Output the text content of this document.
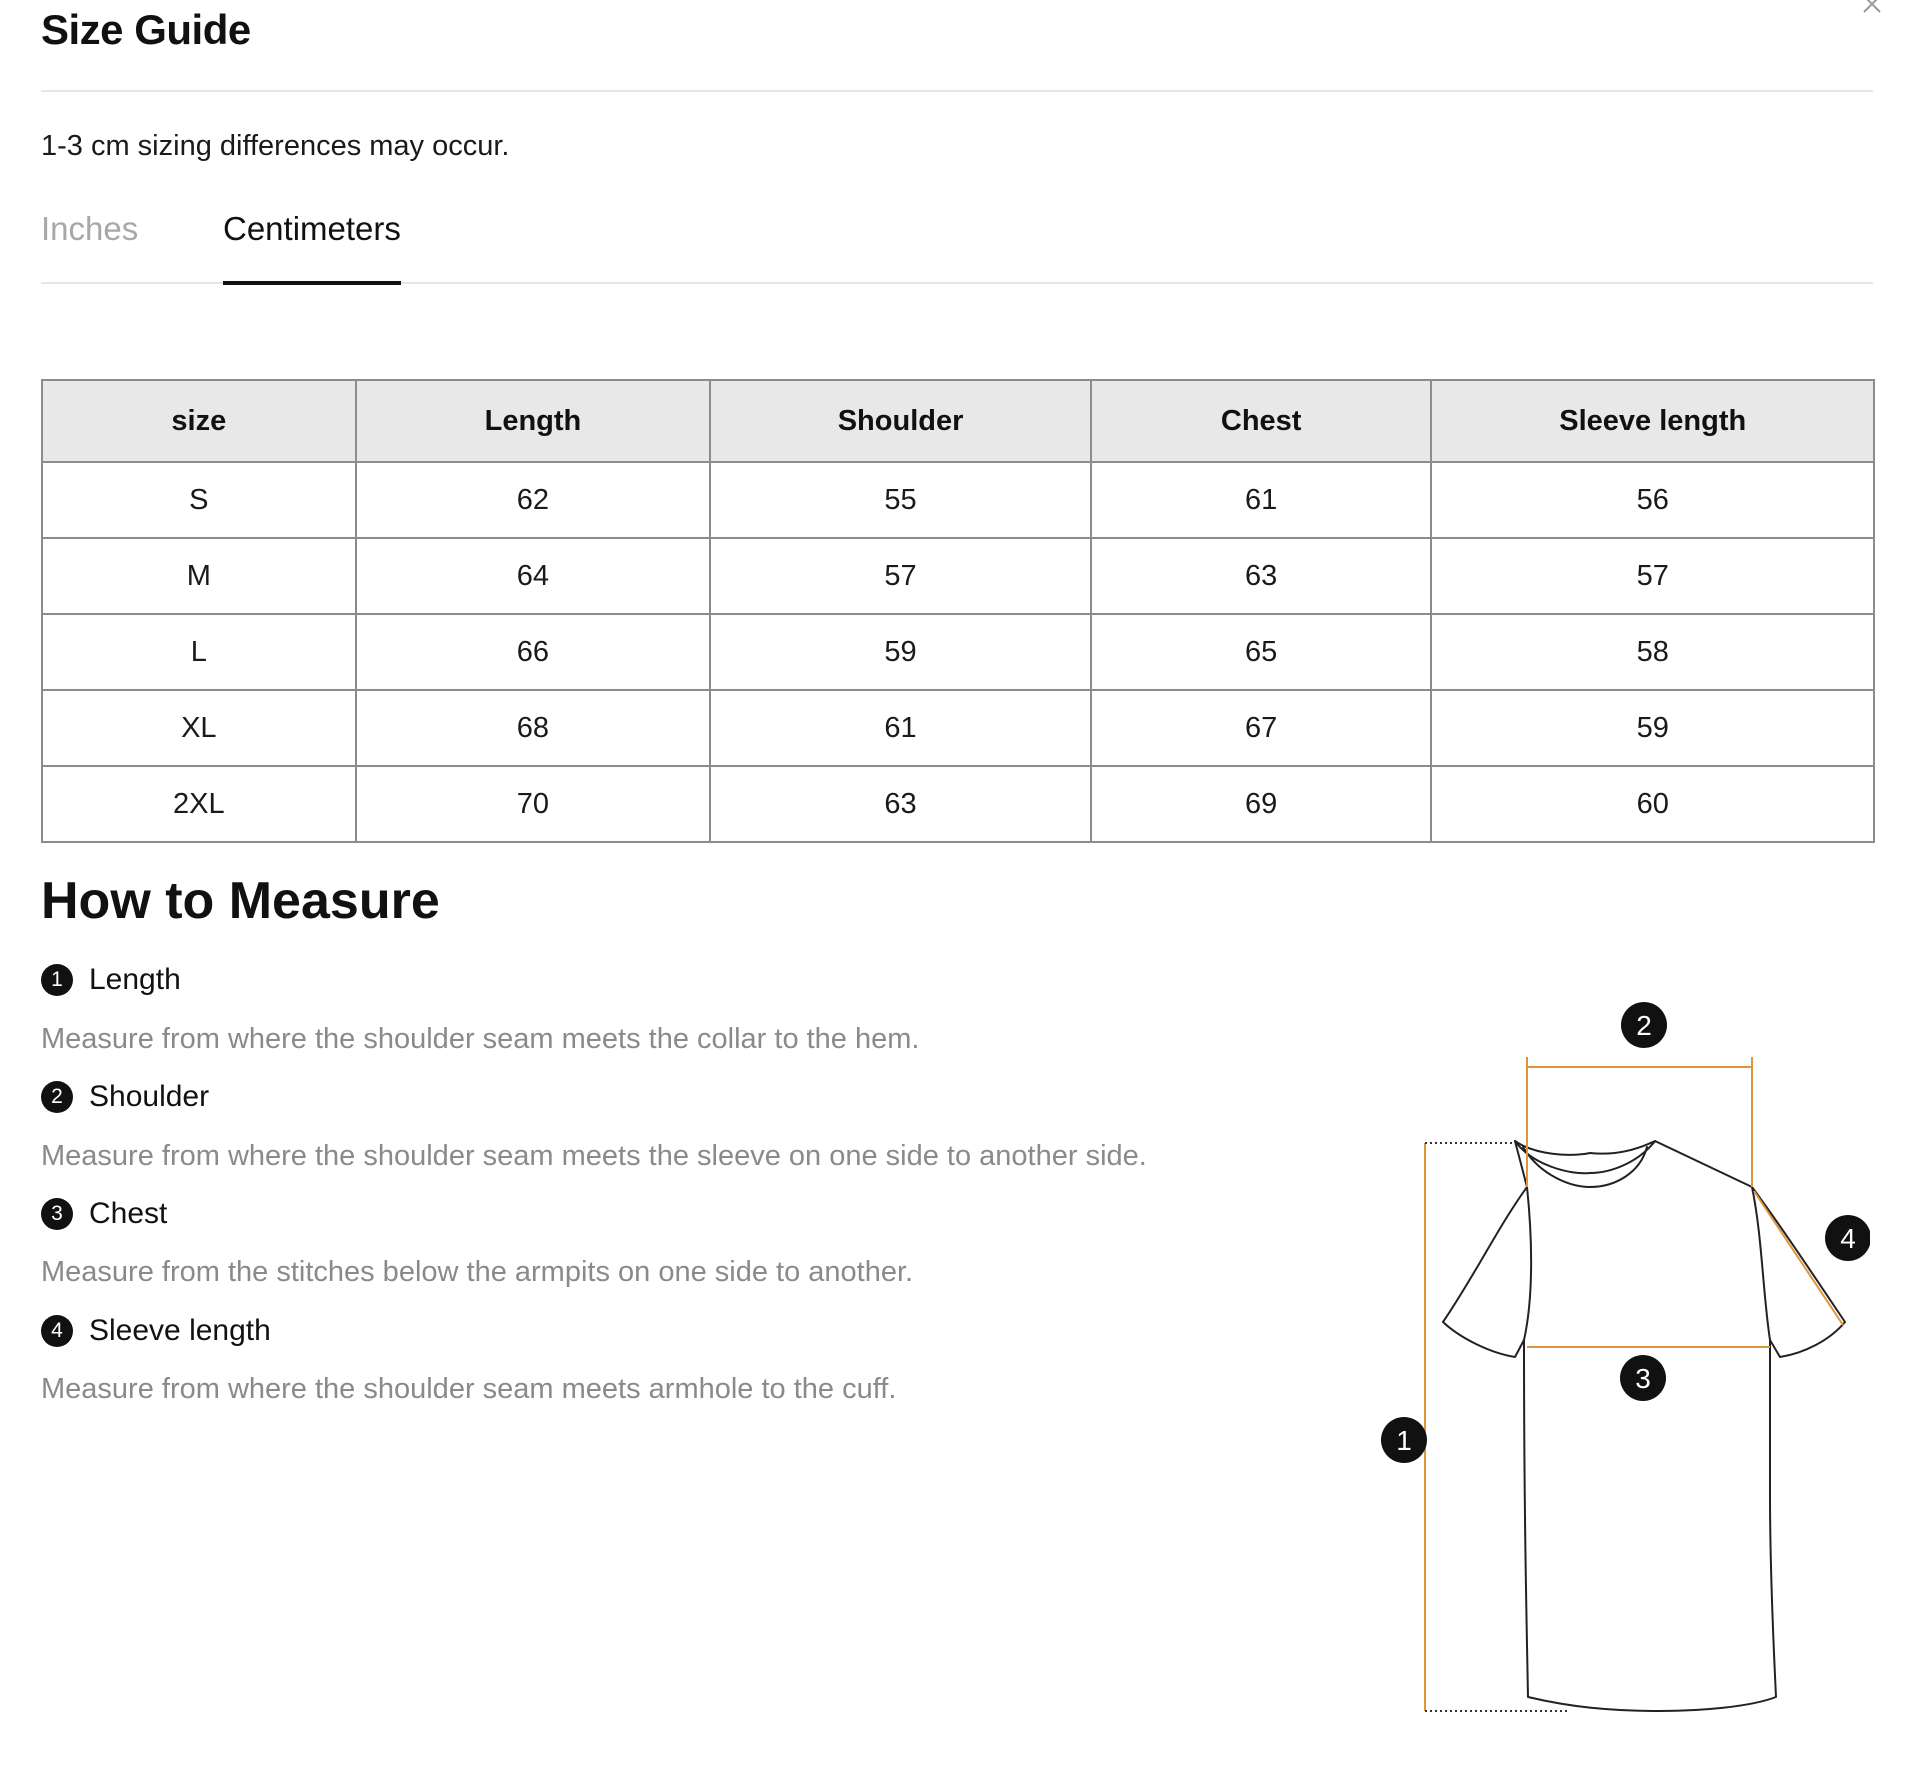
Size Guide
1-3 cm sizing differences may occur.
Inches	Centimeters
size	Length	Shoulder	Chest	Sleeve length
S	62	55	61	56
M	64	57	63	57
L	66	59	65	58
XL	68	61	67	59
2XL	70	63	69	60
How to Measure
1 Length
Measure from where the shoulder seam meets the collar to the hem.
2 Shoulder
Measure from where the shoulder seam meets the sleeve on one side to another side.
3 Chest
Measure from the stitches below the armpits on one side to another.
4 Sleeve length
Measure from where the shoulder seam meets armhole to the cuff.
1
2
3
4
